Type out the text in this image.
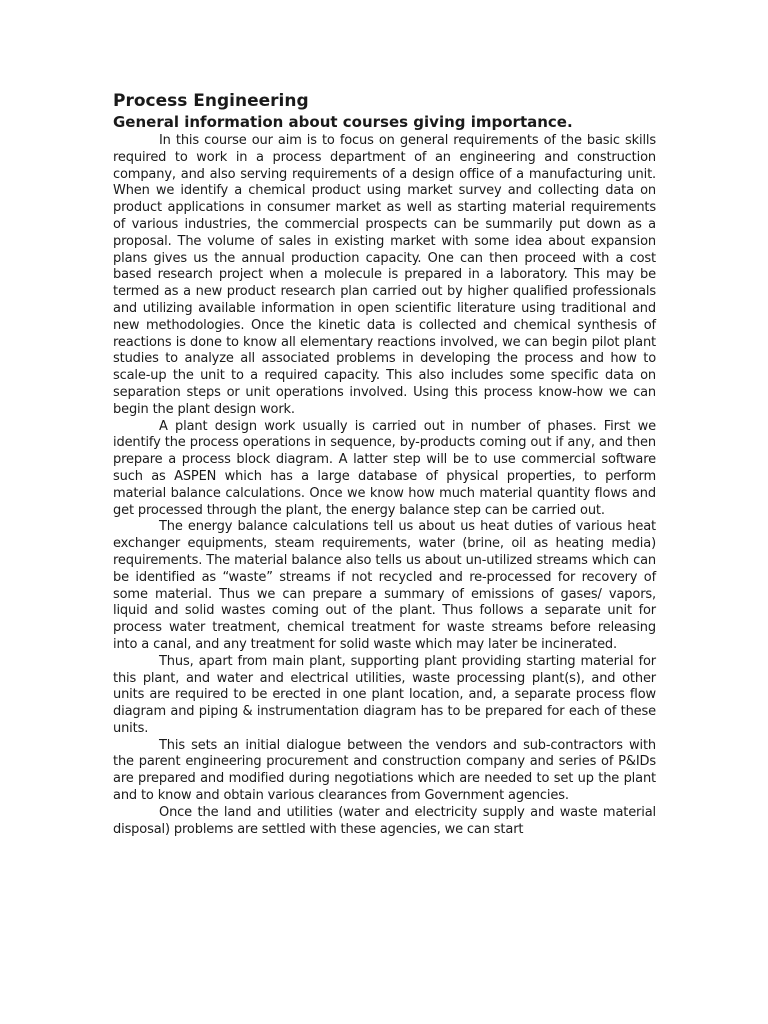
Process Engineering
General information about courses giving importance.

In this course our aim is to focus on general requirements of the basic skills required to work in a process department of an engineering and construction company, and also serving requirements of a design office of a manufacturing unit. When we identify a chemical product using market survey and collecting data on product applications in consumer market as well as starting material requirements of various industries, the commercial prospects can be summarily put down as a proposal. The volume of sales in existing market with some idea about expansion plans gives us the annual production capacity. One can then proceed with a cost based research project when a molecule is prepared in a laboratory. This may be termed as a new product research plan carried out by higher qualified professionals and utilizing available information in open scientific literature using traditional and new methodologies. Once the kinetic data is collected and chemical synthesis of reactions is done to know all elementary reactions involved, we can begin pilot plant studies to analyze all associated problems in developing the process and how to scale-up the unit to a required capacity. This also includes some specific data on separation steps or unit operations involved. Using this process know-how we can begin the plant design work.

A plant design work usually is carried out in number of phases. First we identify the process operations in sequence, by-products coming out if any, and then prepare a process block diagram. A latter step will be to use commercial software such as ASPEN which has a large database of physical properties, to perform material balance calculations. Once we know how much material quantity flows and get processed through the plant, the energy balance step can be carried out.

The energy balance calculations tell us about us heat duties of various heat exchanger equipments, steam requirements, water (brine, oil as heating media) requirements. The material balance also tells us about un-utilized streams which can be identified as “waste” streams if not recycled and re-processed for recovery of some material. Thus we can prepare a summary of emissions of gases/ vapors, liquid and solid wastes coming out of the plant. Thus follows a separate unit for process water treatment, chemical treatment for waste streams before releasing into a canal, and any treatment for solid waste which may later be incinerated.

Thus, apart from main plant, supporting plant providing starting material for this plant, and water and electrical utilities, waste processing plant(s), and other units are required to be erected in one plant location, and, a separate process flow diagram and piping & instrumentation diagram has to be prepared for each of these units.

This sets an initial dialogue between the vendors and sub-contractors with the parent engineering procurement and construction company and series of P&IDs are prepared and modified during negotiations which are needed to set up the plant and to know and obtain various clearances from Government agencies.

Once the land and utilities (water and electricity supply and waste material disposal) problems are settled with these agencies, we can start
